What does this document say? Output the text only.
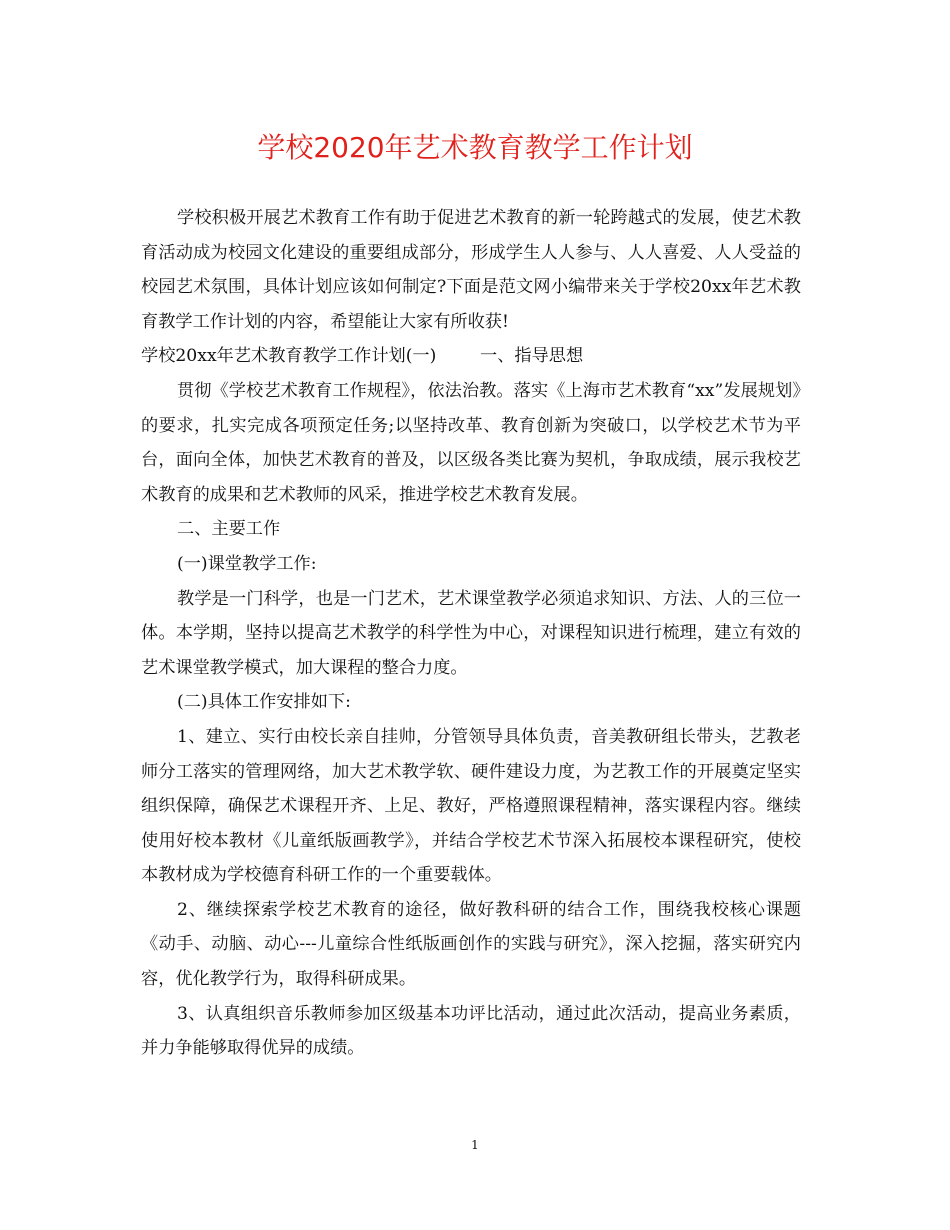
学校2020年艺术教育教学工作计划

学校积极开展艺术教育工作有助于促进艺术教育的新一轮跨越式的发展，使艺术教育活动成为校园文化建设的重要组成部分，形成学生人人参与、人人喜爱、人人受益的校园艺术氛围，具体计划应该如何制定?下面是范文网小编带来关于学校20xx年艺术教育教学工作计划的内容，希望能让大家有所收获!

学校20xx年艺术教育教学工作计划(一)        一、指导思想

贯彻《学校艺术教育工作规程》，依法治教。落实《上海市艺术教育“xx”发展规划》的要求，扎实完成各项预定任务;以坚持改革、教育创新为突破口，以学校艺术节为平台，面向全体，加快艺术教育的普及，以区级各类比赛为契机，争取成绩，展示我校艺术教育的成果和艺术教师的风采，推进学校艺术教育发展。

二、主要工作

(一)课堂教学工作:

教学是一门科学，也是一门艺术，艺术课堂教学必须追求知识、方法、人的三位一体。本学期，坚持以提高艺术教学的科学性为中心，对课程知识进行梳理，建立有效的艺术课堂教学模式，加大课程的整合力度。

(二)具体工作安排如下:

1、建立、实行由校长亲自挂帅，分管领导具体负责，音美教研组长带头，艺教老师分工落实的管理网络，加大艺术教学软、硬件建设力度，为艺教工作的开展奠定坚实组织保障，确保艺术课程开齐、上足、教好，严格遵照课程精神，落实课程内容。继续使用好校本教材《儿童纸版画教学》，并结合学校艺术节深入拓展校本课程研究，使校本教材成为学校德育科研工作的一个重要载体。

2、继续探索学校艺术教育的途径，做好教科研的结合工作，围绕我校核心课题《动手、动脑、动心---儿童综合性纸版画创作的实践与研究》，深入挖掘，落实研究内容，优化教学行为，取得科研成果。

3、认真组织音乐教师参加区级基本功评比活动，通过此次活动，提高业务素质，并力争能够取得优异的成绩。

1
